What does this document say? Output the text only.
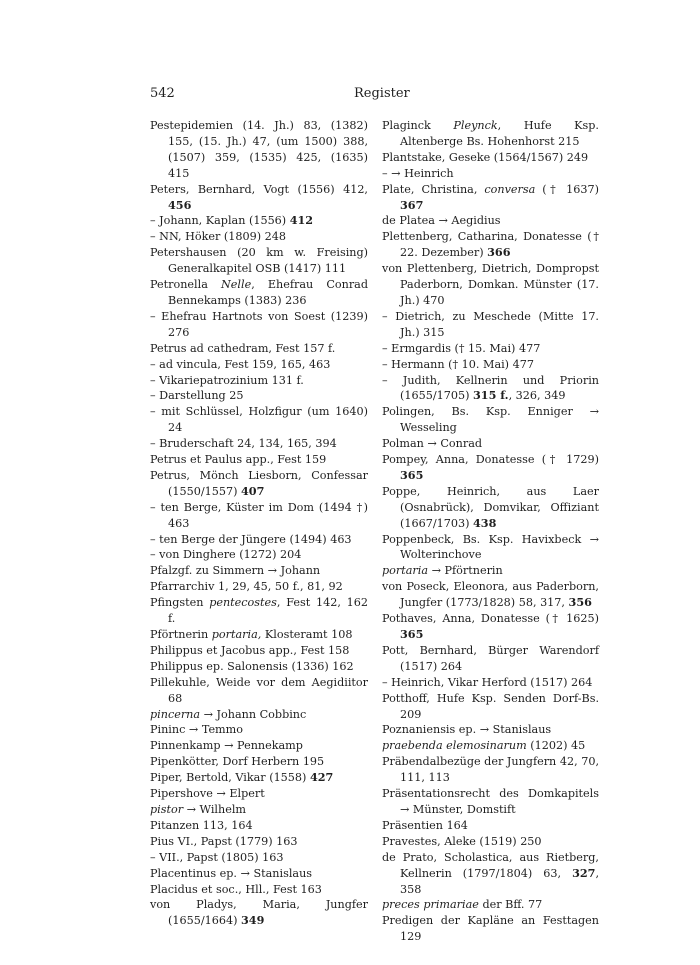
542	Register
Pestepidemien (14. Jh.) 83, (1382) 155, (15. Jh.) 47, (um 1500) 388, (1507) 359, (1535) 425, (1635) 415
Peters, Bernhard, Vogt (1556) 412, 456
– Johann, Kaplan (1556) 412
– NN, Höker (1809) 248
Petershausen (20 km w. Freising) Generalkapitel OSB (1417) 111
Petronella Nelle, Ehefrau Conrad Bennekamps (1383) 236
– Ehefrau Hartnots von Soest (1239) 276
Petrus ad cathedram, Fest 157 f.
– ad vincula, Fest 159, 165, 463
– Vikariepatrozinium 131 f.
– Darstellung 25
– mit Schlüssel, Holzfigur (um 1640) 24
– Bruderschaft 24, 134, 165, 394
Petrus et Paulus app., Fest 159
Petrus, Mönch Liesborn, Confessar (1550/1557) 407
– ten Berge, Küster im Dom (1494 †) 463
– ten Berge der Jüngere (1494) 463
– von Dinghere (1272) 204
Pfalzgf. zu Simmern → Johann
Pfarrarchiv 1, 29, 45, 50 f., 81, 92
Pfingsten pentecostes, Fest 142, 162 f.
Pförtnerin portaria, Klosteramt 108
Philippus et Jacobus app., Fest 158
Philippus ep. Salonensis (1336) 162
Pillekuhle, Weide vor dem Aegidiitor 68
pincerna → Johann Cobbinc
Pininc → Temmo
Pinnenkamp → Pennekamp
Pipenkötter, Dorf Herbern 195
Piper, Bertold, Vikar (1558) 427
Pipershove → Elpert
pistor → Wilhelm
Pitanzen 113, 164
Pius VI., Papst (1779) 163
– VII., Papst (1805) 163
Placentinus ep. → Stanislaus
Placidus et soc., Hll., Fest 163
von Pladys, Maria, Jungfer (1655/1664) 349
Plaginck Pleynck, Hufe Ksp. Altenberge Bs. Hohenhorst 215
Plantstake, Geseke (1564/1567) 249
– → Heinrich
Plate, Christina, conversa († 1637) 367
de Platea → Aegidius
Plettenberg, Catharina, Donatesse († 22. Dezember) 366
von Plettenberg, Dietrich, Dompropst Paderborn, Domkan. Münster (17. Jh.) 470
– Dietrich, zu Meschede (Mitte 17. Jh.) 315
– Ermgardis († 15. Mai) 477
– Hermann († 10. Mai) 477
– Judith, Kellnerin und Priorin (1655/1705) 315 f., 326, 349
Polingen, Bs. Ksp. Enniger → Wesseling
Polman → Conrad
Pompey, Anna, Donatesse († 1729) 365
Poppe, Heinrich, aus Laer (Osnabrück), Domvikar, Offiziant (1667/1703) 438
Poppenbeck, Bs. Ksp. Havixbeck → Wolterinchove
portaria → Pförtnerin
von Poseck, Eleonora, aus Paderborn, Jungfer (1773/1828) 58, 317, 356
Pothaves, Anna, Donatesse († 1625) 365
Pott, Bernhard, Bürger Warendorf (1517) 264
– Heinrich, Vikar Herford (1517) 264
Potthoff, Hufe Ksp. Senden Dorf-Bs. 209
Poznaniensis ep. → Stanislaus
praebenda elemosinarum (1202) 45
Präbendalbezüge der Jungfern 42, 70, 111, 113
Präsentationsrecht des Domkapitels → Münster, Domstift
Präsentien 164
Pravestes, Aleke (1519) 250
de Prato, Scholastica, aus Rietberg, Kellnerin (1797/1804) 63, 327, 358
preces primariae der Bff. 77
Predigen der Kapläne an Festtagen 129
